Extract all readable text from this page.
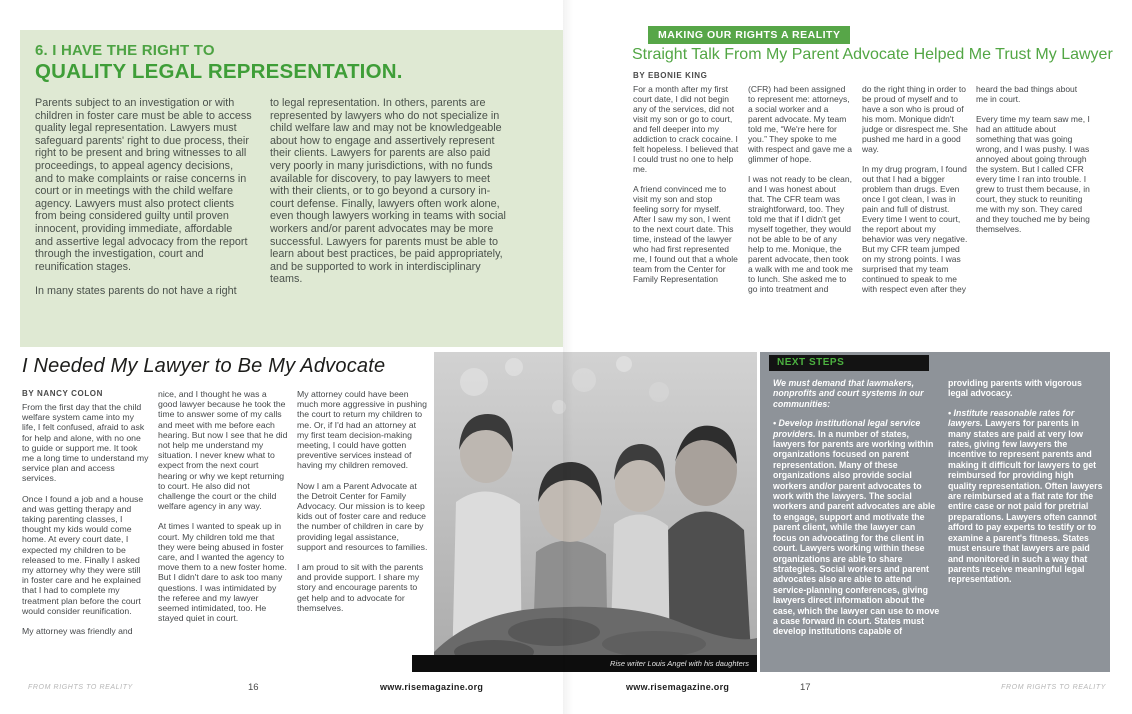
6. I HAVE THE RIGHT TO
QUALITY LEGAL REPRESENTATION.

Parents subject to an investigation or with children in foster care must be able to access quality legal representation. Lawyers must safeguard parents' right to due process, their right to be present and bring witnesses to all proceedings, to appeal agency decisions, and to make complaints or raise concerns in court or in meetings with the child welfare agency. Lawyers must also protect clients from being considered guilty until proven innocent, providing immediate, affordable and assertive legal advocacy from the report through the investigation, court and reunification stages.

In many states parents do not have a right

to legal representation. In others, parents are represented by lawyers who do not specialize in child welfare law and may not be knowledgeable about how to engage and assertively represent their clients. Lawyers for parents are also paid very poorly in many jurisdictions, with no funds available for discovery, to pay lawyers to meet with their clients, or to go beyond a cursory in-court defense. Finally, lawyers often work alone, even though lawyers working in teams with social workers and/or parent advocates may be more successful. Lawyers for parents must be able to learn about best practices, be paid appropriately, and be supported to work in interdisciplinary teams.

I Needed My Lawyer to Be My Advocate
BY NANCY COLON

From the first day that the child welfare system came into my life, I felt confused, afraid to ask for help and alone, with no one to guide or support me. It took me a long time to understand my service plan and access services.

Once I found a job and a house and was getting therapy and taking parenting classes, I thought my kids would come home. At every court date, I expected my children to be released to me. Finally I asked my attorney why they were still in foster care and he explained that I had to complete my treatment plan before the court would consider reunification.

My attorney was friendly and

nice, and I thought he was a good lawyer because he took the time to answer some of my calls and meet with me before each hearing. But now I see that he did not help me understand my situation. I never knew what to expect from the next court hearing or why we kept returning to court. He also did not challenge the court or the child welfare agency in any way.

At times I wanted to speak up in court. My children told me that they were being abused in foster care, and I wanted the agency to move them to a new foster home. But I didn't dare to ask too many questions. I was intimidated by the referee and my lawyer seemed intimidated, too. He stayed quiet in court.

My attorney could have been much more aggressive in pushing the court to return my children to me. Or, if I'd had an attorney at my first team decision-making meeting, I could have gotten preventive services instead of having my children removed.

Now I am a Parent Advocate at the Detroit Center for Family Advocacy. Our mission is to keep kids out of foster care and reduce the number of children in care by providing legal assistance, support and resources to families.

I am proud to sit with the parents and provide support. I share my story and encourage parents to get help and to advocate for themselves.

Rise writer Louis Angel with his daughters
FROM RIGHTS TO REALITY	16	www.risemagazine.org
MAKING OUR RIGHTS A REALITY
Straight Talk From My Parent Advocate Helped Me Trust My Lawyer
BY EBONIE KING

For a month after my first court date, I did not begin any of the services, did not visit my son or go to court, and fell deeper into my addiction to crack cocaine. I felt hopeless. I believed that I could trust no one to help me.

A friend convinced me to visit my son and stop feeling sorry for myself. After I saw my son, I went to the next court date. This time, instead of the lawyer who had first represented me, I found out that a whole team from the Center for Family Representation

(CFR) had been assigned to represent me: attorneys, a social worker and a parent advocate. My team told me, “We're here for you.” They spoke to me with respect and gave me a glimmer of hope.

I was not ready to be clean, and I was honest about that. The CFR team was straightforward, too. They told me that if I didn't get myself together, they would not be able to be of any help to me. Monique, the parent advocate, then took a walk with me and took me to lunch. She asked me to go into treatment and

do the right thing in order to be proud of myself and to have a son who is proud of his mom. Monique didn't judge or disrespect me. She pushed me hard in a good way.

In my drug program, I found out that I had a bigger problem than drugs. Even once I got clean, I was in pain and full of distrust. Every time I went to court, the report about my behavior was very negative. But my CFR team jumped on my strong points. I was surprised that my team continued to speak to me with respect even after they

heard the bad things about me in court.

Every time my team saw me, I had an attitude about something that was going wrong, and I was pushy. I was annoyed about going through the system. But I called CFR every time I ran into trouble. I grew to trust them because, in court, they stuck to reuniting me with my son. They cared and they touched me by being themselves.

NEXT STEPS

We must demand that lawmakers, nonprofits and court systems in our communities:

• Develop institutional legal service providers. In a number of states, lawyers for parents are working within organizations focused on parent representation. Many of these organizations also provide social workers and/or parent advocates to work with the lawyers. The social workers and parent advocates are able to engage, support and motivate the parent client, while the lawyer can focus on advocating for the client in court. Lawyers working within these organizations are able to share strategies. Social workers and parent advocates also are able to attend service-planning conferences, giving lawyers direct information about the case, which the lawyer can use to move a case forward in court. States must develop institutions capable of

providing parents with vigorous legal advocacy.

• Institute reasonable rates for lawyers. Lawyers for parents in many states are paid at very low rates, giving few lawyers the incentive to represent parents and making it difficult for lawyers to get reimbursed for providing high quality representation. Often lawyers are reimbursed at a flat rate for the entire case or not paid for pretrial preparations. Lawyers often cannot afford to pay experts to testify or to examine a parent's fitness. States must ensure that lawyers are paid and monitored in such a way that parents receive meaningful legal representation.

www.risemagazine.org	17	FROM RIGHTS TO REALITY
